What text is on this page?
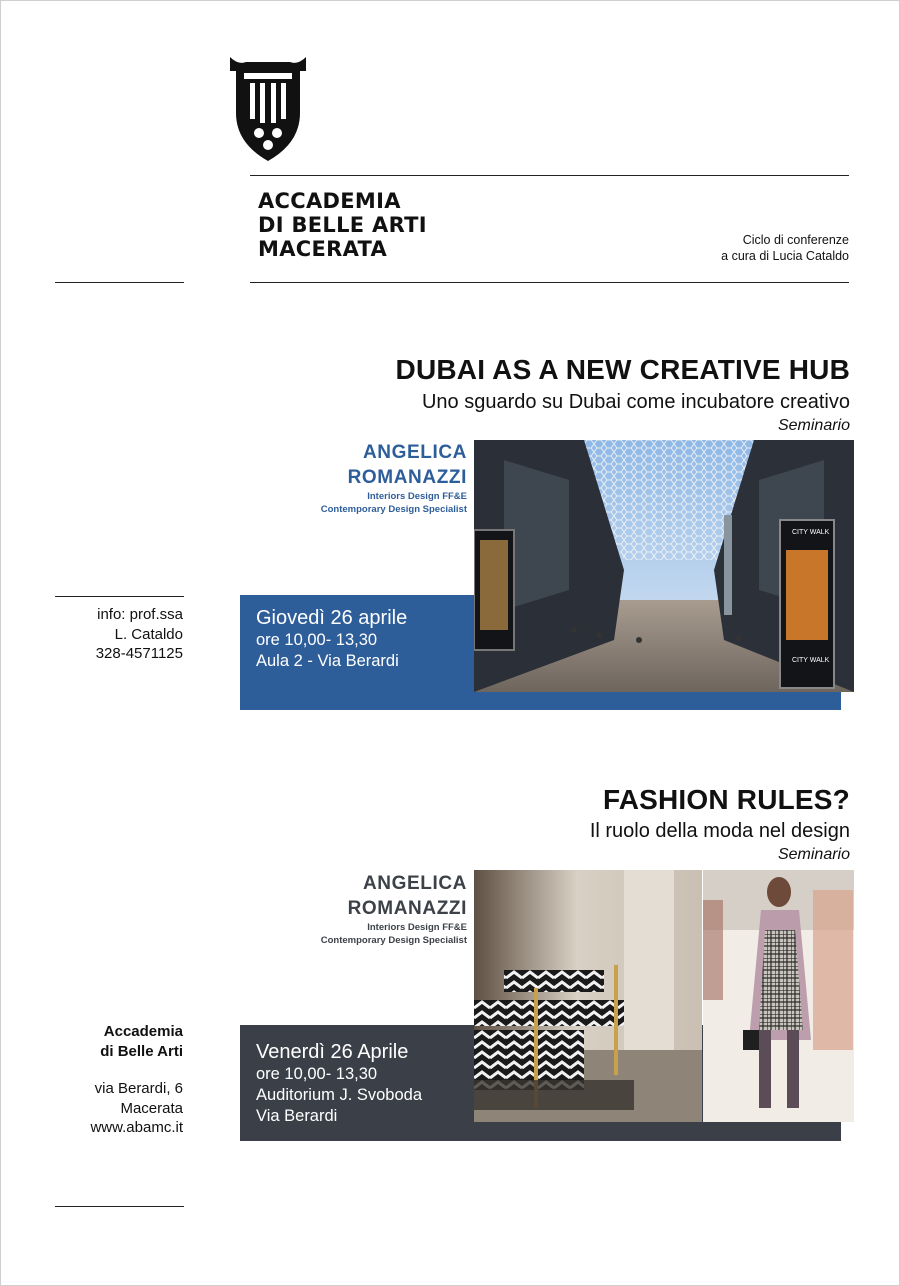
ACCADEMIA
DI BELLE ARTI
MACERATA	Ciclo di conferenze
a cura di Lucia Cataldo
info: prof.ssa
L. Cataldo
328-4571125
Accademia
di Belle Arti
via Berardi, 6
Macerata
www.abamc.it
DUBAI AS A NEW CREATIVE HUB
Uno sguardo su Dubai come incubatore creativo
Seminario
ANGELICA
ROMANAZZI
Interiors Design FF&E
Contemporary Design Specialist
Giovedì 26 aprile
ore 10,00- 13,30
Aula 2 - Via Berardi
CITY WALK
CITY WALK
FASHION RULES?
Il ruolo della moda nel design
Seminario
ANGELICA
ROMANAZZI
Interiors Design FF&E
Contemporary Design Specialist
Venerdì 26 Aprile
ore 10,00- 13,30
Auditorium J. Svoboda
Via Berardi
